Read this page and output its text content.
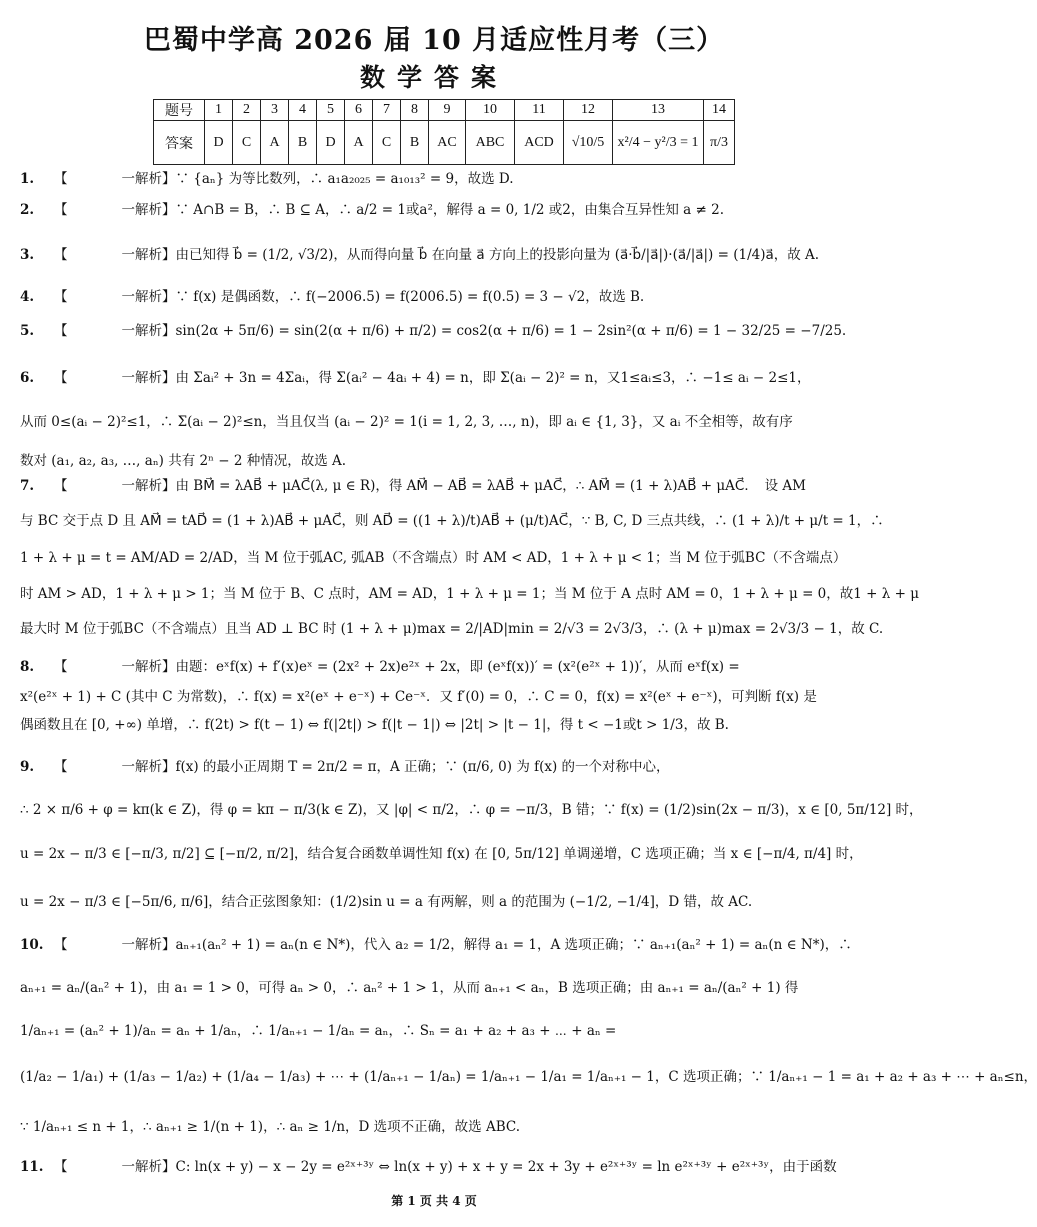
巴蜀中学高 2026 届 10 月适应性月考（三）
数学答案
题号	1	2	3	4	5	6	7	8	9	10	11	12	13	14
答案	D	C	A	B	D	A	C	B	AC	ABC	ACD	√10/5	x²/4 − y²/3 = 1	π/3
1. 【　　　　一解析】∵ {aₙ} 为等比数列，∴ a₁a₂₀₂₅ = a₁₀₁₃² = 9，故选 D.
2. 【　　　　一解析】∵ A∩B = B，∴ B ⊆ A，∴ a/2 = 1或a²，解得 a = 0, 1/2 或2，由集合互异性知 a ≠ 2.
3. 【　　　　一解析】由已知得 b⃗ = (1/2, √3/2)，从而得向量 b⃗ 在向量 a⃗ 方向上的投影向量为 (a⃗·b⃗/|a⃗|)·(a⃗/|a⃗|) = (1/4)a⃗，故 A.
4. 【　　　　一解析】∵ f(x) 是偶函数，∴ f(−2006.5) = f(2006.5) = f(0.5) = 3 − √2，故选 B.
5. 【　　　　一解析】sin(2α + 5π/6) = sin(2(α + π/6) + π/2) = cos2(α + π/6) = 1 − 2sin²(α + π/6) = 1 − 32/25 = −7/25.
6. 【　　　　一解析】由 Σaᵢ² + 3n = 4Σaᵢ，得 Σ(aᵢ² − 4aᵢ + 4) = n，即 Σ(aᵢ − 2)² = n，又1≤aᵢ≤3，∴ −1≤ aᵢ − 2≤1，
从而 0≤(aᵢ − 2)²≤1，∴ Σ(aᵢ − 2)²≤n，当且仅当 (aᵢ − 2)² = 1(i = 1, 2, 3, …, n)，即 aᵢ ∈ {1, 3}，又 aᵢ 不全相等，故有序
数对 (a₁, a₂, a₃, …, aₙ) 共有 2ⁿ − 2 种情况，故选 A.
7. 【　　　　一解析】由 BM⃗ = λAB⃗ + μAC⃗(λ, μ ∈ R)，得 AM⃗ − AB⃗ = λAB⃗ + μAC⃗，∴ AM⃗ = (1 + λ)AB⃗ + μAC⃗．　设 AM
与 BC 交于点 D 且 AM⃗ = tAD⃗ = (1 + λ)AB⃗ + μAC⃗，则 AD⃗ = ((1 + λ)/t)AB⃗ + (μ/t)AC⃗，∵ B, C, D 三点共线，∴ (1 + λ)/t + μ/t = 1，∴
1 + λ + μ = t = AM/AD = 2/AD，当 M 位于弧AC, 弧AB（不含端点）时 AM < AD，1 + λ + μ < 1；当 M 位于弧BC（不含端点）
时 AM > AD，1 + λ + μ > 1；当 M 位于 B、C 点时，AM = AD，1 + λ + μ = 1；当 M 位于 A 点时 AM = 0，1 + λ + μ = 0，故1 + λ + μ
最大时 M 位于弧BC（不含端点）且当 AD ⊥ BC 时 (1 + λ + μ)max = 2/|AD|min = 2/√3 = 2√3/3，∴ (λ + μ)max = 2√3/3 − 1，故 C.
8. 【　　　　一解析】由题：eˣf(x) + f′(x)eˣ = (2x² + 2x)e²ˣ + 2x，即 (eˣf(x))′ = (x²(e²ˣ + 1))′，从而 eˣf(x) =
x²(e²ˣ + 1) + C (其中 C 为常数)，∴ f(x) = x²(eˣ + e⁻ˣ) + Ce⁻ˣ．又 f′(0) = 0，∴ C = 0，f(x) = x²(eˣ + e⁻ˣ)，可判断 f(x) 是
偶函数且在 [0, +∞) 单增，∴ f(2t) > f(t − 1) ⇔ f(|2t|) > f(|t − 1|) ⇔ |2t| > |t − 1|，得 t < −1或t > 1/3，故 B.
9. 【　　　　一解析】f(x) 的最小正周期 T = 2π/2 = π，A 正确；∵ (π/6, 0) 为 f(x) 的一个对称中心，
∴ 2 × π/6 + φ = kπ(k ∈ Z)，得 φ = kπ − π/3(k ∈ Z)，又 |φ| < π/2，∴ φ = −π/3，B 错；∵ f(x) = (1/2)sin(2x − π/3)，x ∈ [0, 5π/12] 时，
u = 2x − π/3 ∈ [−π/3, π/2] ⊆ [−π/2, π/2]，结合复合函数单调性知 f(x) 在 [0, 5π/12] 单调递增，C 选项正确；当 x ∈ [−π/4, π/4] 时，
u = 2x − π/3 ∈ [−5π/6, π/6]，结合正弦图象知：(1/2)sin u = a 有两解，则 a 的范围为 (−1/2, −1/4]，D 错，故 AC.
10. 【　　　　一解析】aₙ₊₁(aₙ² + 1) = aₙ(n ∈ N*)，代入 a₂ = 1/2，解得 a₁ = 1，A 选项正确；∵ aₙ₊₁(aₙ² + 1) = aₙ(n ∈ N*)，∴
aₙ₊₁ = aₙ/(aₙ² + 1)，由 a₁ = 1 > 0，可得 aₙ > 0，∴ aₙ² + 1 > 1，从而 aₙ₊₁ < aₙ，B 选项正确；由 aₙ₊₁ = aₙ/(aₙ² + 1) 得
1/aₙ₊₁ = (aₙ² + 1)/aₙ = aₙ + 1/aₙ，∴ 1/aₙ₊₁ − 1/aₙ = aₙ，∴ Sₙ = a₁ + a₂ + a₃ + ⋯ + aₙ =
(1/a₂ − 1/a₁) + (1/a₃ − 1/a₂) + (1/a₄ − 1/a₃) + ⋯ + (1/aₙ₊₁ − 1/aₙ) = 1/aₙ₊₁ − 1/a₁ = 1/aₙ₊₁ − 1，C 选项正确；∵ 1/aₙ₊₁ − 1 = a₁ + a₂ + a₃ + ⋯ + aₙ≤n，
∵ 1/aₙ₊₁ ≤ n + 1，∴ aₙ₊₁ ≥ 1/(n + 1)，∴ aₙ ≥ 1/n，D 选项不正确，故选 ABC.
11. 【　　　　一解析】C: ln(x + y) − x − 2y = e²ˣ⁺³ʸ ⇔ ln(x + y) + x + y = 2x + 3y + e²ˣ⁺³ʸ = ln e²ˣ⁺³ʸ + e²ˣ⁺³ʸ，由于函数
第 1 页 共 4 页
